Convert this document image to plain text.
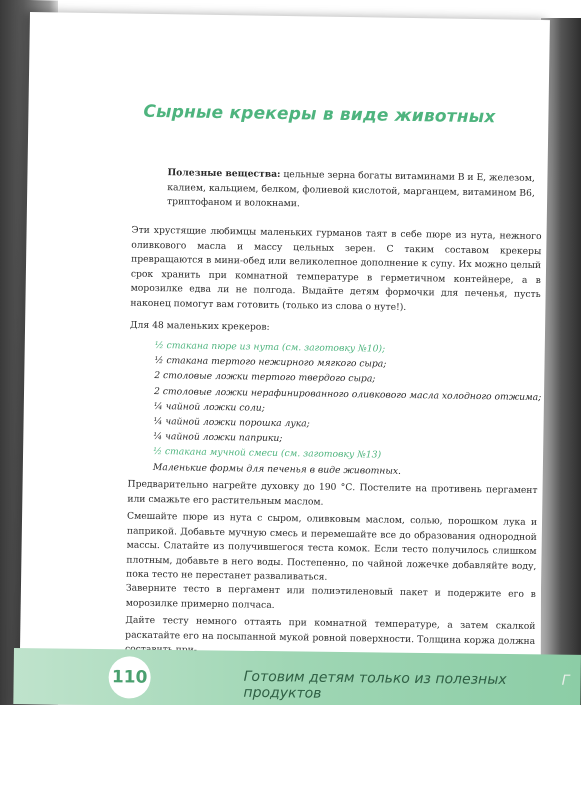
Сырные крекеры в виде животных
Полезные вещества: цельные зерна богаты витаминами В и Е, железом, калием, кальцием, белком, фолиевой кислотой, марганцем, витамином В6, триптофаном и волокнами.
Эти хрустящие любимцы маленьких гурманов таят в себе пюре из нута, нежного оливкового масла и массу цельных зерен. С таким составом крекеры превращаются в мини-обед или великолепное дополнение к супу. Их можно целый срок хранить при комнатной температуре в герметичном контейнере, а в морозилке едва ли не полгода. Выдайте детям формочки для печенья, пусть наконец помогут вам готовить (только из слова о нуте!).
Для 48 маленьких крекеров:
½ стакана пюре из нута (см. заготовку №10);
½ стакана тертого нежирного мягкого сыра;
2 столовые ложки тертого твердого сыра;
2 столовые ложки нерафинированного оливкового масла холодного отжима;
¼ чайной ложки соли;
¼ чайной ложки порошка лука;
¼ чайной ложки паприки;
½ стакана мучной смеси (см. заготовку №13)
Маленькие формы для печенья в виде животных.
Предварительно нагрейте духовку до 190 °С. Постелите на противень пергамент или смажьте его растительным маслом.
Смешайте пюре из нута с сыром, оливковым маслом, солью, порошком лука и паприкой. Добавьте мучную смесь и перемешайте все до образования однородной массы. Слатайте из получившегося теста комок. Если тесто получилось слишком плотным, добавьте в него воды. Постепенно, по чайной ложечке добавляйте воду, пока тесто не перестанет разваливаться.
Заверните тесто в пергамент или полиэтиленовый пакет и подержите его в морозилке примерно полчаса.
Дайте тесту немного оттаять при комнатной температуре, а затем скалкой раскатайте его на посыпанной мукой ровной поверхности. Толщина коржа должна
110	Готовим детям только из полезных продуктов
Г
